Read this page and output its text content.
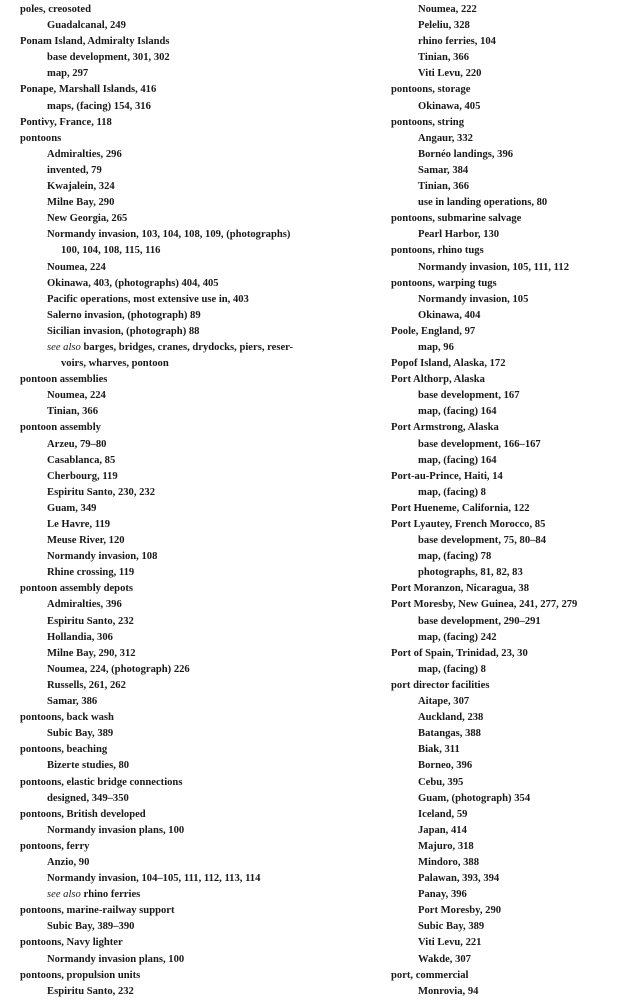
poles, creosoted
Guadalcanal, 249
Ponam Island, Admiralty Islands
base development, 301, 302
map, 297
Ponape, Marshall Islands, 416
maps, (facing) 154, 316
Pontivy, France, 118
pontoons
Admiralties, 296
invented, 79
Kwajalein, 324
Milne Bay, 290
New Georgia, 265
Normandy invasion, 103, 104, 108, 109, (photographs)
100, 104, 108, 115, 116
Noumea, 224
Okinawa, 403, (photographs) 404, 405
Pacific operations, most extensive use in, 403
Salerno invasion, (photograph) 89
Sicilian invasion, (photograph) 88
see also barges, bridges, cranes, drydocks, piers, reser-
voirs, wharves, pontoon
pontoon assemblies
Noumea, 224
Tinian, 366
pontoon assembly
Arzeu, 79–80
Casablanca, 85
Cherbourg, 119
Espiritu Santo, 230, 232
Guam, 349
Le Havre, 119
Meuse River, 120
Normandy invasion, 108
Rhine crossing, 119
pontoon assembly depots
Admiralties, 396
Espiritu Santo, 232
Hollandia, 306
Milne Bay, 290, 312
Noumea, 224, (photograph) 226
Russells, 261, 262
Samar, 386
pontoons, back wash
Subic Bay, 389
pontoons, beaching
Bizerte studies, 80
pontoons, elastic bridge connections
designed, 349–350
pontoons, British developed
Normandy invasion plans, 100
pontoons, ferry
Anzio, 90
Normandy invasion, 104–105, 111, 112, 113, 114
see also rhino ferries
pontoons, marine-railway support
Subic Bay, 389–390
pontoons, Navy lighter
Normandy invasion plans, 100
pontoons, propulsion units
Espiritu Santo, 232
Noumea, 222
Peleliu, 328
rhino ferries, 104
Tinian, 366
Viti Levu, 220
pontoons, storage
Okinawa, 405
pontoons, string
Angaur, 332
Bornéo landings, 396
Samar, 384
Tinian, 366
use in landing operations, 80
pontoons, submarine salvage
Pearl Harbor, 130
pontoons, rhino tugs
Normandy invasion, 105, 111, 112
pontoons, warping tugs
Normandy invasion, 105
Okinawa, 404
Poole, England, 97
map, 96
Popof Island, Alaska, 172
Port Althorp, Alaska
base development, 167
map, (facing) 164
Port Armstrong, Alaska
base development, 166–167
map, (facing) 164
Port-au-Prince, Haiti, 14
map, (facing) 8
Port Hueneme, California, 122
Port Lyautey, French Morocco, 85
base development, 75, 80–84
map, (facing) 78
photographs, 81, 82, 83
Port Moranzon, Nicaragua, 38
Port Moresby, New Guinea, 241, 277, 279
base development, 290–291
map, (facing) 242
Port of Spain, Trinidad, 23, 30
map, (facing) 8
port director facilities
Aitape, 307
Auckland, 238
Batangas, 388
Biak, 311
Borneo, 396
Cebu, 395
Guam, (photograph) 354
Iceland, 59
Japan, 414
Majuro, 318
Mindoro, 388
Palawan, 393, 394
Panay, 396
Port Moresby, 290
Subic Bay, 389
Viti Levu, 221
Wakde, 307
port, commercial
Monrovia, 94
